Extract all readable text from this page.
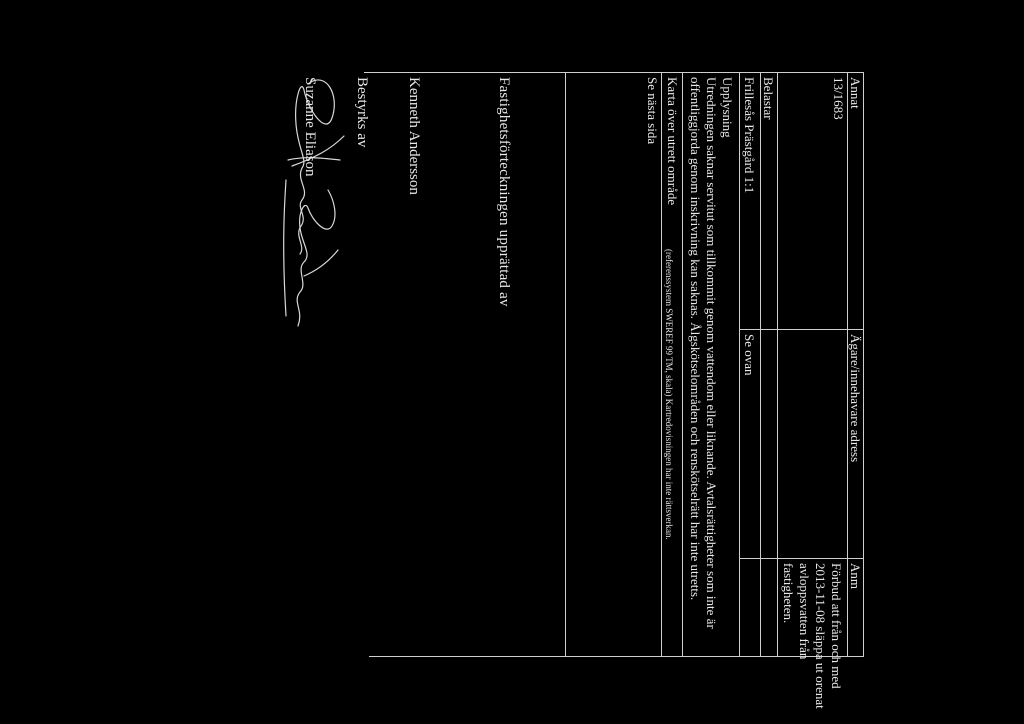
Annat
Ägare/innehavare adress
Anm
13/1683
Förbud att från och med
2013-11-08 släppa ut orenat
avloppsvatten från
fastigheten.
Belastar
Frillesås Prästgård 1:1
Se ovan
Upplysning
Utredningen saknar servitut som tillkommit genom vattendom eller liknande. Avtalsrättigheter som inte är
offentliggjorda genom inskrivning kan saknas. Ålgskötselområden och renskötselrätt har inte utretts.
Karta över utrett område
(referenssystem SWEREF 99 TM, skala) Kartredovisningen har inte rättsverkan.
Se nästa sida
Fastighetsförteckningen upprättad av
Kenneth Andersson
Bestyrks av
Suzanne Eliason
